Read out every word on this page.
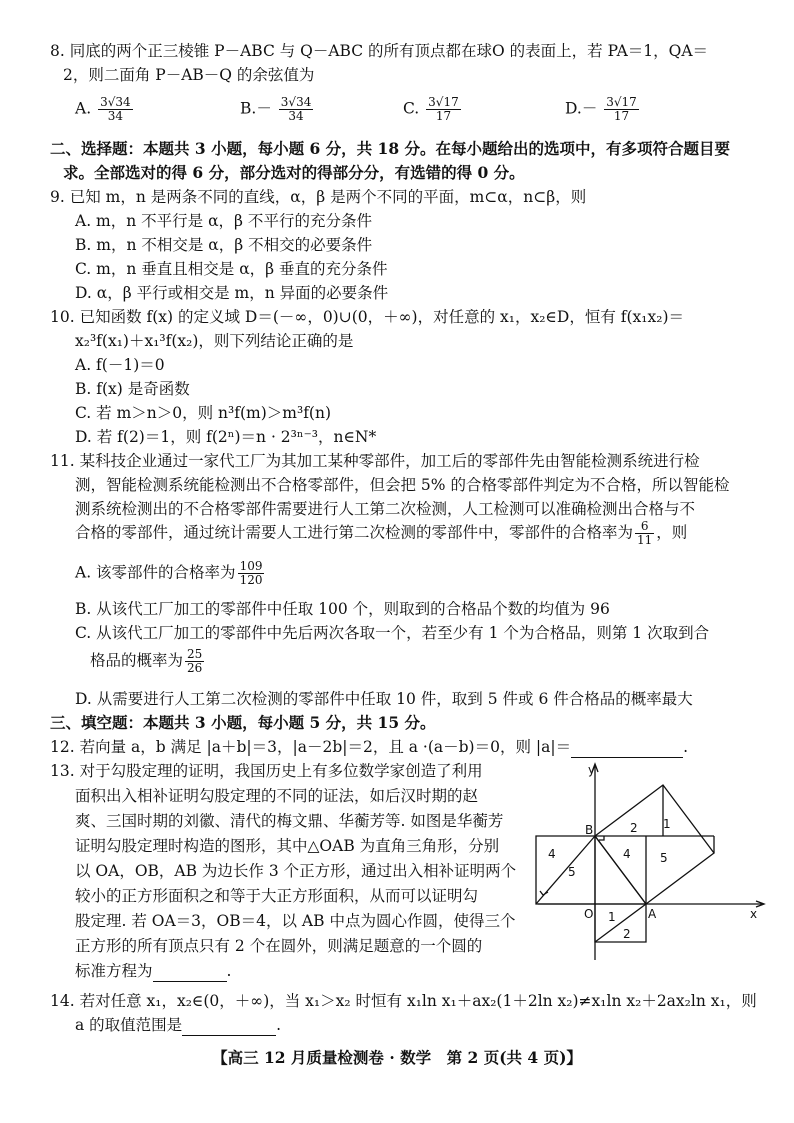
8. 同底的两个正三棱锥 P－ABC 与 Q－ABC 的所有顶点都在球O 的表面上，若 PA＝1，QA＝
2，则二面角 P－AB－Q 的余弦值为
A. $\frac{3√34}{34}$	$B.- \frac{3√34}{34}$	C. $\frac{3√17}{17}$	$D.- \frac{3√17}{17}$
二、选择题：本题共 3 小题，每小题 6 分，共 18 分。在每小题给出的选项中，有多项符合题目要
求。全部选对的得 6 分，部分选对的得部分分，有选错的得 0 分。
9. 已知 m，n 是两条不同的直线，α，β 是两个不同的平面，m⊂α，n⊂β，则
A. m，n 不平行是 α，β 不平行的充分条件
B. m，n 不相交是 α，β 不相交的必要条件
C. m，n 垂直且相交是 α，β 垂直的充分条件
D. α，β 平行或相交是 m，n 异面的必要条件
10. 已知函数 f(x) 的定义域 D＝(－∞，0)∪(0，＋∞)，对任意的 x₁，x₂∈D，恒有 f(x₁x₂)＝
x₂³f(x₁)＋x₁³f(x₂)，则下列结论正确的是
A. f(－1)＝0
B. f(x) 是奇函数
C. 若 m＞n＞0，则 n³f(m)＞m³f(n)
D. 若 f(2)＝1，则 f(2ⁿ)＝n · 2³ⁿ⁻³，n∈N*
11. 某科技企业通过一家代工厂为其加工某种零部件，加工后的零部件先由智能检测系统进行检
测，智能检测系统能检测出不合格零部件，但会把 5% 的合格零部件判定为不合格，所以智能检
测系统检测出的不合格零部件需要进行人工第二次检测，人工检测可以准确检测出合格与不
合格的零部件，通过统计需要人工进行第二次检测的零部件中，零部件的合格率为 $\frac{6}{11}$ ，则
A. 该零部件的合格率为 $\frac{109}{120}$
B. 从该代工厂加工的零部件中任取 100 个，则取到的合格品个数的均值为 96
C. 从该代工厂加工的零部件中先后两次各取一个，若至少有 1 个为合格品，则第 1 次取到合
格品的概率为 $\frac{25}{26}$
D. 从需要进行人工第二次检测的零部件中任取 10 件，取到 5 件或 6 件合格品的概率最大
三、填空题：本题共 3 小题，每小题 5 分，共 15 分。
12. 若向量 a，b 满足 |a＋b|＝3，|a－2b|＝2，且 a ·(a－b)＝0，则 |a|＝	.
13. 对于勾股定理的证明，我国历史上有多位数学家创造了利用
面积出入相补证明勾股定理的不同的证法，如后汉时期的赵
爽、三国时期的刘徽、清代的梅文鼎、华蘅芳等. 如图是华蘅芳
证明勾股定理时构造的图形，其中△OAB 为直角三角形，分别
以 OA，OB，AB 为边长作 3 个正方形，通过出入相补证明两个
较小的正方形面积之和等于大正方形面积，从而可以证明勾
股定理. 若 OA＝3，OB＝4，以 AB 中点为圆心作圆，使得三个
正方形的所有顶点只有 2 个在圆外，则满足题意的一个圆的
标准方程为	.
y
x
O	A
B	2 1
4 5
4
5
1
2
14. 若对任意 x₁，x₂∈(0，＋∞)，当 x₁＞x₂ 时恒有 x₁ln x₁＋ax₂(1＋2ln x₂)≠x₁ln x₂＋2ax₂ln x₁，则
a 的取值范围是	.
【高三 12 月质量检测卷 · 数学　第 2 页(共 4 页)】
